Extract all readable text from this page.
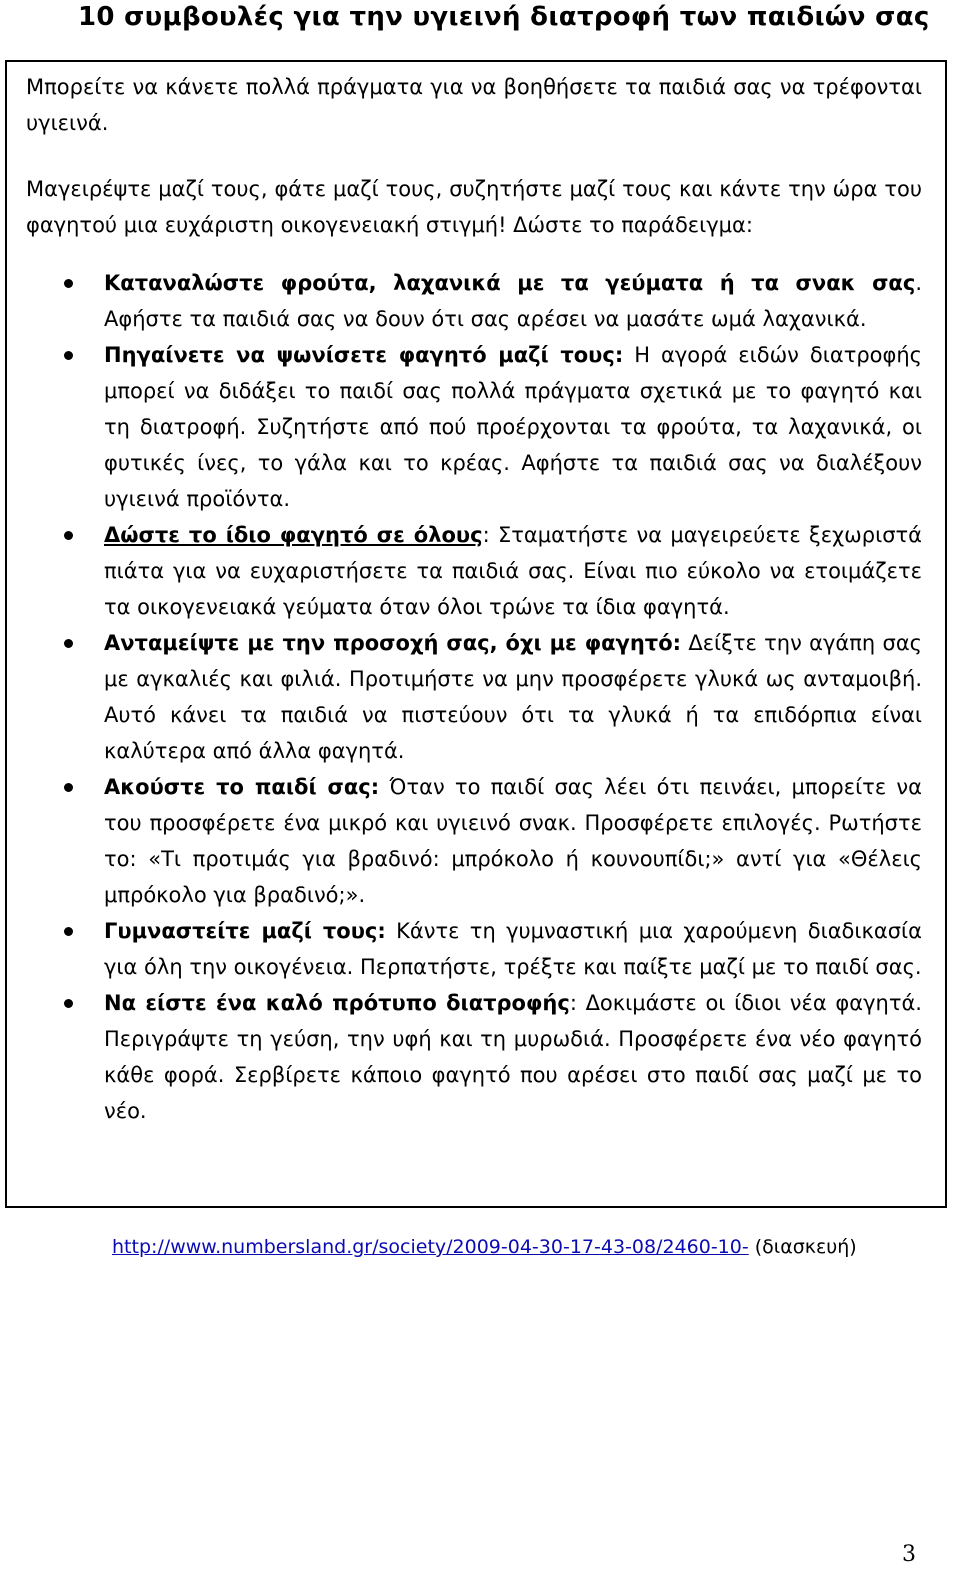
10 συμβουλές για την υγιεινή διατροφή των παιδιών σας

Μπορείτε να κάνετε πολλά πράγματα για να βοηθήσετε τα παιδιά σας να τρέφονται υγιεινά.

Μαγειρέψτε μαζί τους, φάτε μαζί τους, συζητήστε μαζί τους και κάντε την ώρα του φαγητού μια ευχάριστη οικογενειακή στιγμή! Δώστε το παράδειγμα:

Καταναλώστε φρούτα, λαχανικά με τα γεύματα ή τα σνακ σας. Αφήστε τα παιδιά σας να δουν ότι σας αρέσει να μασάτε ωμά λαχανικά.
Πηγαίνετε να ψωνίσετε φαγητό μαζί τους: Η αγορά ειδών διατροφής μπορεί να διδάξει το παιδί σας πολλά πράγματα σχετικά με το φαγητό και τη διατροφή. Συζητήστε από πού προέρχονται τα φρούτα, τα λαχανικά, οι φυτικές ίνες, το γάλα και το κρέας. Αφήστε τα παιδιά σας να διαλέξουν υγιεινά προϊόντα.
Δώστε το ίδιο φαγητό σε όλους: Σταματήστε να μαγειρεύετε ξεχωριστά πιάτα για να ευχαριστήσετε τα παιδιά σας. Είναι πιο εύκολο να ετοιμάζετε τα οικογενειακά γεύματα όταν όλοι τρώνε τα ίδια φαγητά.
Ανταμείψτε με την προσοχή σας, όχι με φαγητό: Δείξτε την αγάπη σας με αγκαλιές και φιλιά. Προτιμήστε να μην προσφέρετε γλυκά ως ανταμοιβή. Αυτό κάνει τα παιδιά να πιστεύουν ότι τα γλυκά ή τα επιδόρπια είναι καλύτερα από άλλα φαγητά.
Ακούστε το παιδί σας: Όταν το παιδί σας λέει ότι πεινάει, μπορείτε να του προσφέρετε ένα μικρό και υγιεινό σνακ. Προσφέρετε επιλογές. Ρωτήστε το: «Τι προτιμάς για βραδινό: μπρόκολο ή κουνουπίδι;» αντί για «Θέλεις μπρόκολο για βραδινό;».
Γυμναστείτε μαζί τους: Κάντε τη γυμναστική μια χαρούμενη διαδικασία για όλη την οικογένεια. Περπατήστε, τρέξτε και παίξτε μαζί με το παιδί σας.
Να είστε ένα καλό πρότυπο διατροφής: Δοκιμάστε οι ίδιοι νέα φαγητά. Περιγράψτε τη γεύση, την υφή και τη μυρωδιά. Προσφέρετε ένα νέο φαγητό κάθε φορά. Σερβίρετε κάποιο φαγητό που αρέσει στο παιδί σας μαζί με το νέο.
http://www.numbersland.gr/society/2009-04-30-17-43-08/2460-10- (διασκευή)
3
